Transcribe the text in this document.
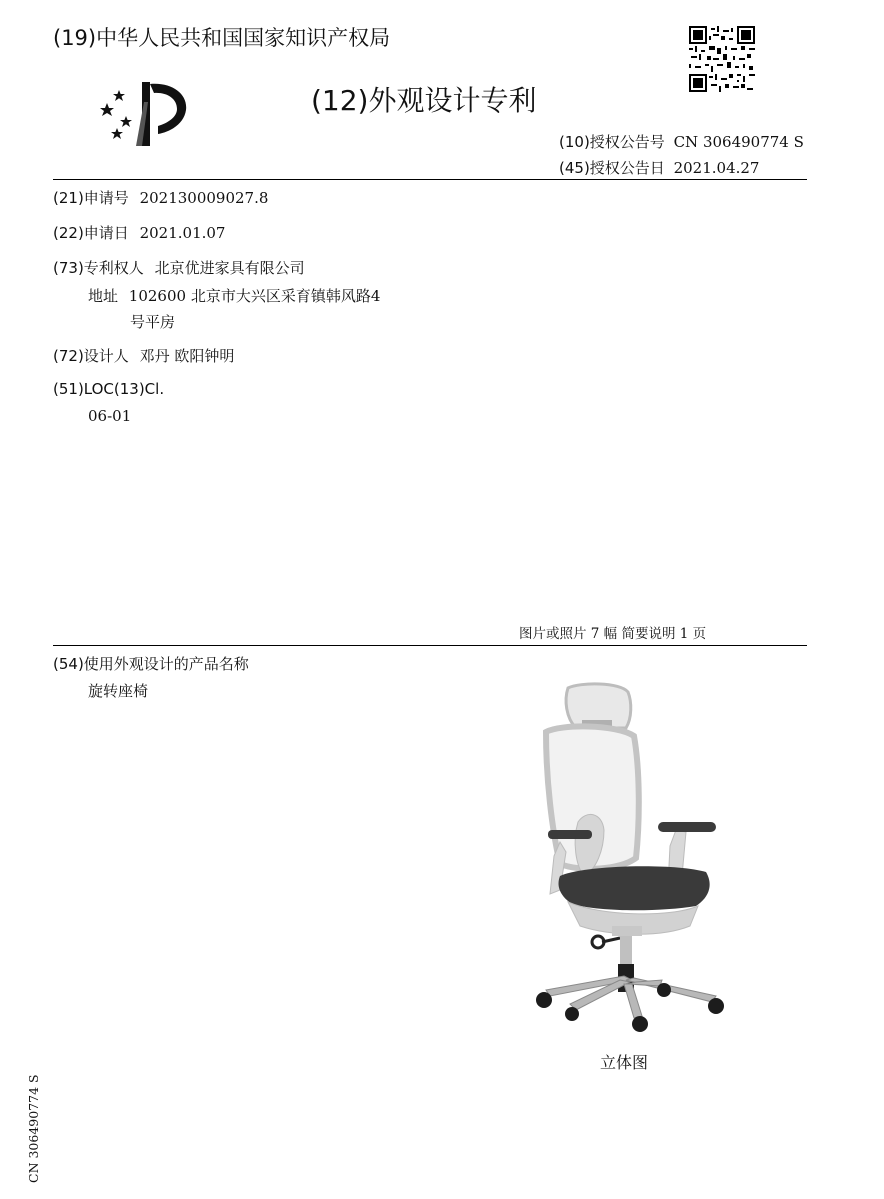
(19)中华人民共和国国家知识产权局
(12)外观设计专利
(10)授权公告号 CN 306490774 S
(45)授权公告日 2021.04.27
(21)申请号 202130009027.8
(22)申请日 2021.01.07
(73)专利权人 北京优进家具有限公司
地址 102600 北京市大兴区采育镇韩风路4
号平房
(72)设计人 邓丹 欧阳钟明
(51)LOC(13)Cl.
06-01
图片或照片 7 幅 简要说明 1 页
(54)使用外观设计的产品名称
旋转座椅
立体图
CN 306490774 S
